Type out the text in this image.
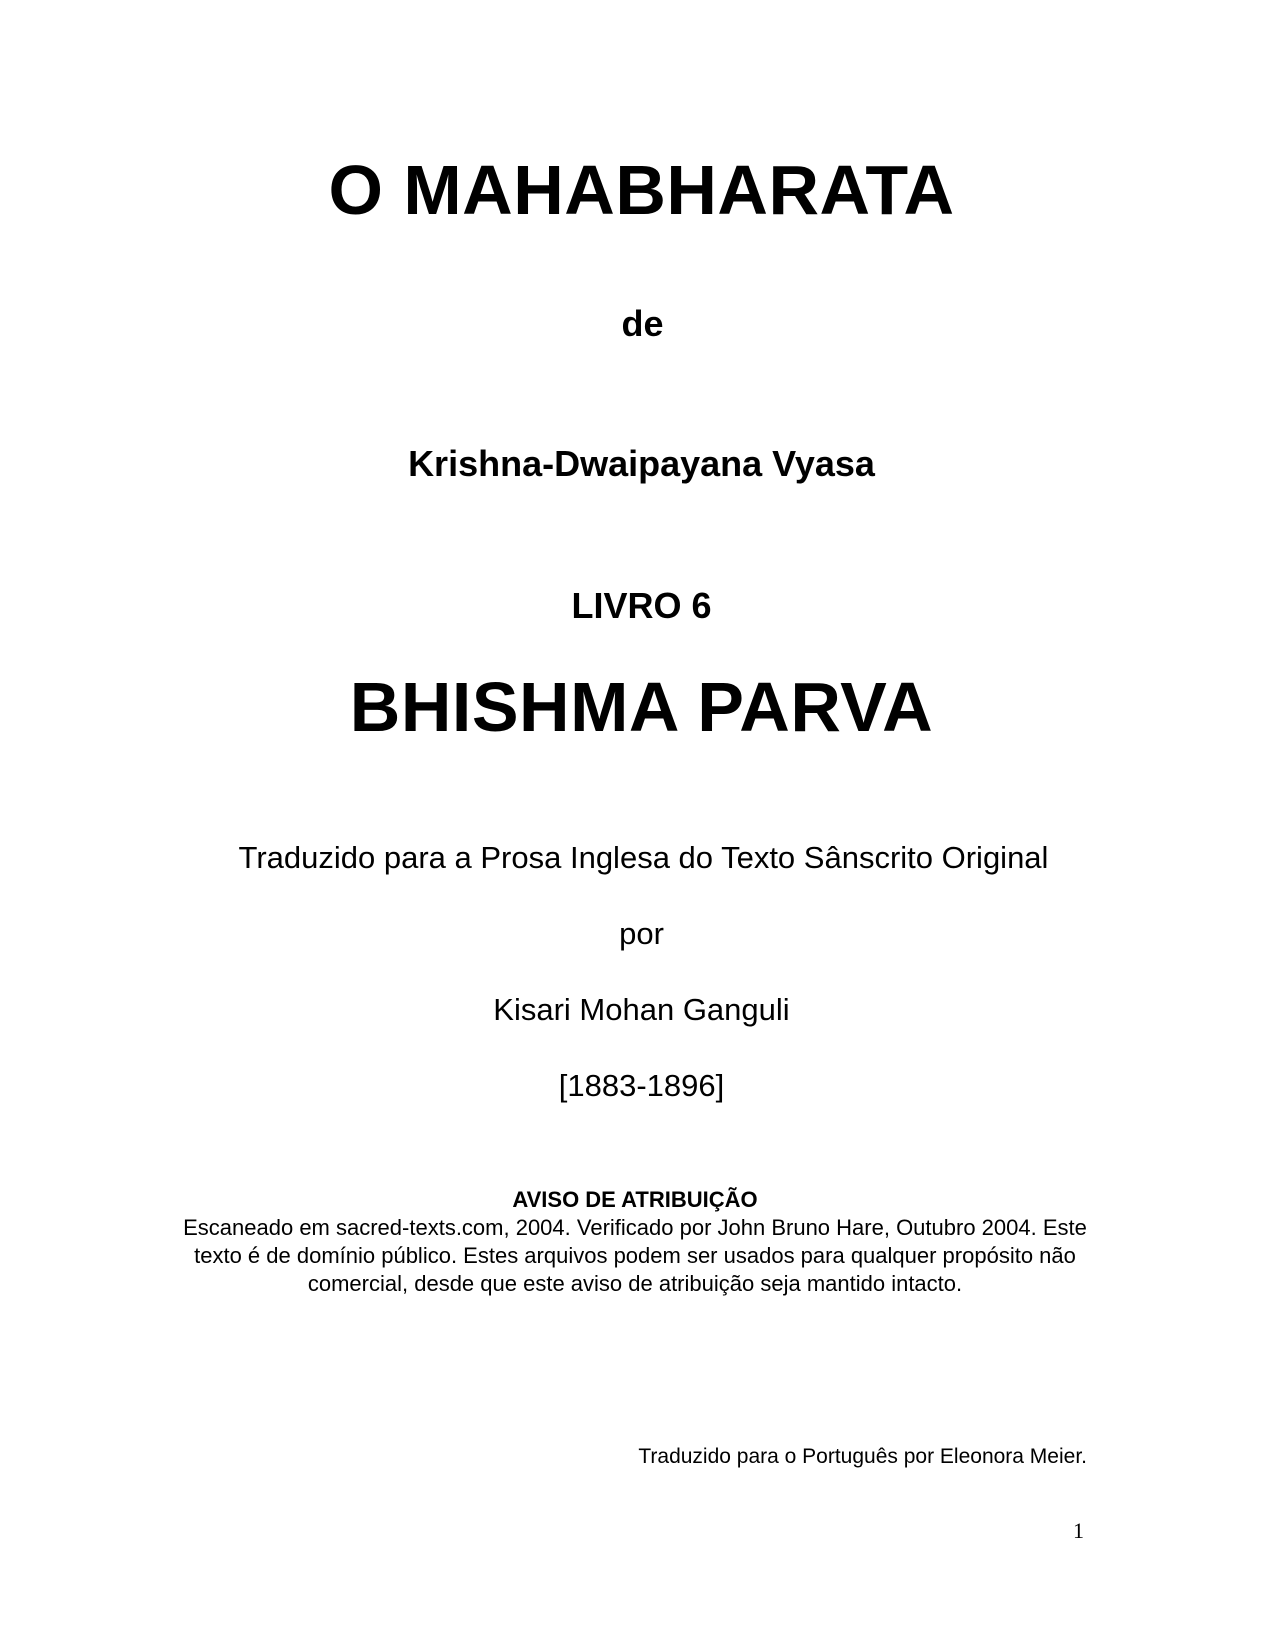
O MAHABHARATA
de
Krishna-Dwaipayana Vyasa
LIVRO 6
BHISHMA PARVA
Traduzido para a Prosa Inglesa do Texto Sânscrito Original
por
Kisari Mohan Ganguli
[1883-1896]
AVISO DE ATRIBUIÇÃO
Escaneado em sacred-texts.com, 2004. Verificado por John Bruno Hare, Outubro 2004. Este texto é de domínio público. Estes arquivos podem ser usados para qualquer propósito não comercial, desde que este aviso de atribuição seja mantido intacto.
Traduzido para o Português por Eleonora Meier.
1
